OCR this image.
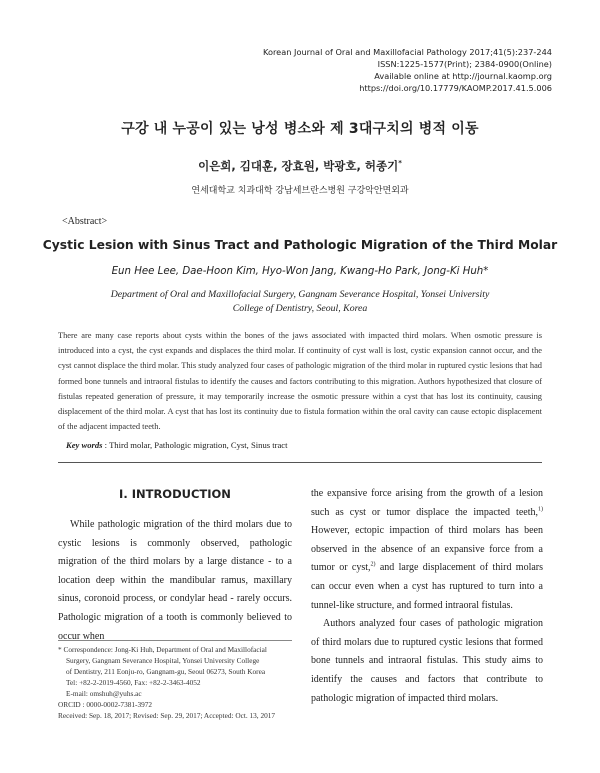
Korean Journal of Oral and Maxillofacial Pathology 2017;41(5):237-244
ISSN:1225-1577(Print); 2384-0900(Online)
Available online at http://journal.kaomp.org
https://doi.org/10.17779/KAOMP.2017.41.5.006
구강 내 누공이 있는 낭성 병소와 제 3대구치의 병적 이동
이은희, 김대훈, 장효원, 박광호, 허종기*
연세대학교 치과대학 강남세브란스병원 구강악안면외과
<Abstract>
Cystic Lesion with Sinus Tract and Pathologic Migration of the Third Molar
Eun Hee Lee, Dae-Hoon Kim, Hyo-Won Jang, Kwang-Ho Park, Jong-Ki Huh*
Department of Oral and Maxillofacial Surgery, Gangnam Severance Hospital, Yonsei University
College of Dentistry, Seoul, Korea
There are many case reports about cysts within the bones of the jaws associated with impacted third molars. When osmotic pressure is introduced into a cyst, the cyst expands and displaces the third molar. If continuity of cyst wall is lost, cystic expansion cannot occur, and the cyst cannot displace the third molar. This study analyzed four cases of pathologic migration of the third molar in ruptured cystic lesions that had formed bone tunnels and intraoral fistulas to identify the causes and factors contributing to this migration. Authors hypothesized that closure of fistulas repeated generation of pressure, it may temporarily increase the osmotic pressure within a cyst that has lost its continuity, causing displacement of the third molar. A cyst that has lost its continuity due to fistula formation within the oral cavity can cause ectopic displacement of the adjacent impacted teeth.
Key words : Third molar, Pathologic migration, Cyst, Sinus tract
Ⅰ. INTRODUCTION

While pathologic migration of the third molars due to cystic lesions is commonly observed, pathologic migration of the third molars by a large distance - to a location deep within the mandibular ramus, maxillary sinus, coronoid process, or condylar head - rarely occurs. Pathologic migration of a tooth is commonly believed to occur when

the expansive force arising from the growth of a lesion such as cyst or tumor displace the impacted teeth,$^{1)}$ However, ectopic impaction of third molars has been observed in the absence of an expansive force from a tumor or cyst,$^{2)}$ and large displacement of third molars can occur even when a cyst has ruptured to turn into a tunnel-like structure, and formed intraoral fistulas.

Authors analyzed four cases of pathologic migration of third molars due to ruptured cystic lesions that formed bone tunnels and intraoral fistulas. This study aims to identify the causes and factors that contribute to pathologic migration of impacted third molars.

* Correspondence: Jong-Ki Huh, Department of Oral and Maxillofacial
Surgery, Gangnam Severance Hospital, Yonsei University College
of Dentistry, 211 Eonju-ro, Gangnam-gu, Seoul 06273, South Korea
Tel: +82-2-2019-4560, Fax: +82-2-3463-4052
E-mail: omshuh@yuhs.ac
ORCID : 0000-0002-7381-3972
Received: Sep. 18, 2017; Revised: Sep. 29, 2017; Accepted: Oct. 13, 2017
